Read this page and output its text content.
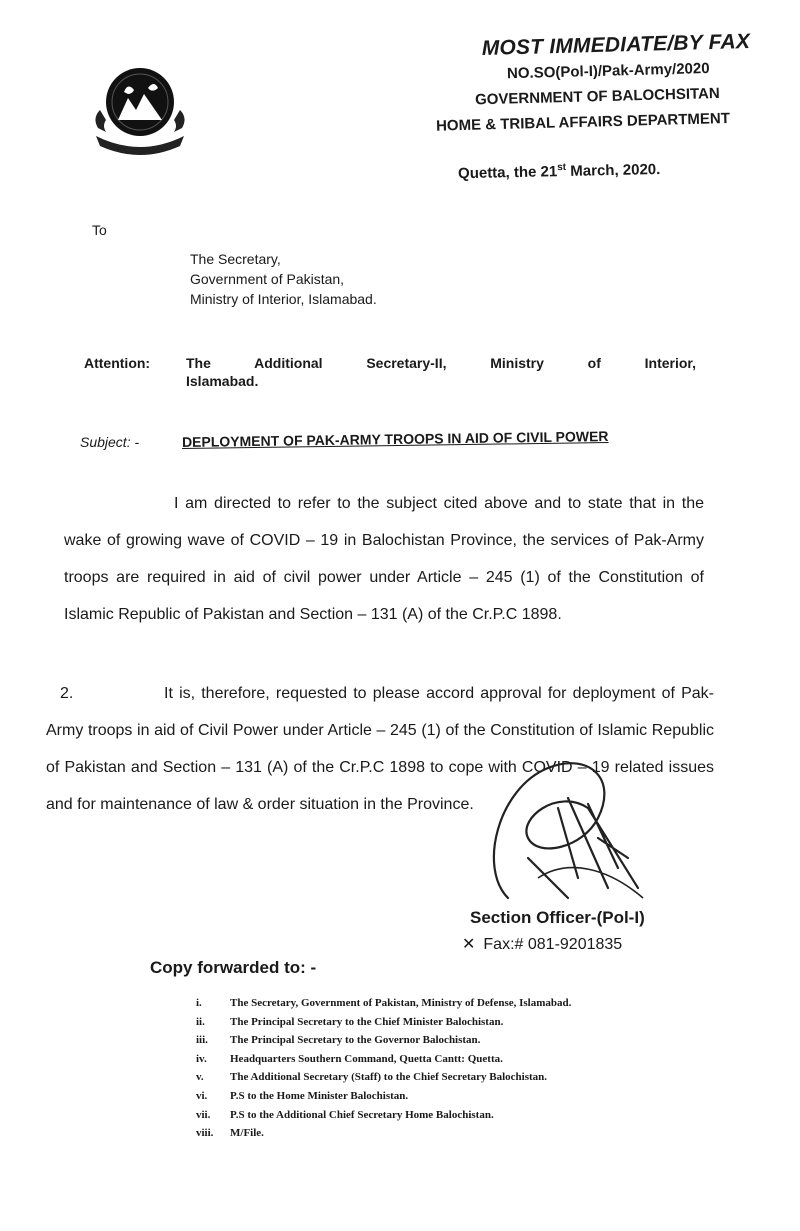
MOST IMMEDIATE/BY FAX
NO.SO(Pol-I)/Pak-Army/2020
GOVERNMENT OF BALOCHSITAN
HOME & TRIBAL AFFAIRS DEPARTMENT
Quetta, the 21st March, 2020.
To
The Secretary,
Government of Pakistan,
Ministry of Interior, Islamabad.
Attention:	The Additional Secretary-II, Ministry of Interior,
Islamabad.
Subject: -	DEPLOYMENT OF PAK-ARMY TROOPS IN AID OF CIVIL POWER

I am directed to refer to the subject cited above and to state that in the wake of growing wave of COVID – 19 in Balochistan Province, the services of Pak-Army troops are required in aid of civil power under Article – 245 (1) of the Constitution of Islamic Republic of Pakistan and Section – 131 (A) of the Cr.P.C 1898.

2.	It is, therefore, requested to please accord approval for deployment of Pak-Army troops in aid of Civil Power under Article – 245 (1) of the Constitution of Islamic Republic of Pakistan and Section – 131 (A) of the Cr.P.C 1898 to cope with COVID – 19 related issues and for maintenance of law & order situation in the Province.

Section Officer-(Pol-I)
✕ Fax:# 081-9201835
Copy forwarded to: -
i.	The Secretary, Government of Pakistan, Ministry of Defense, Islamabad.
ii.	The Principal Secretary to the Chief Minister Balochistan.
iii.	The Principal Secretary to the Governor Balochistan.
iv.	Headquarters Southern Command, Quetta Cantt: Quetta.
v.	The Additional Secretary (Staff) to the Chief Secretary Balochistan.
vi.	P.S to the Home Minister Balochistan.
vii.	P.S to the Additional Chief Secretary Home Balochistan.
viii.	M/File.
